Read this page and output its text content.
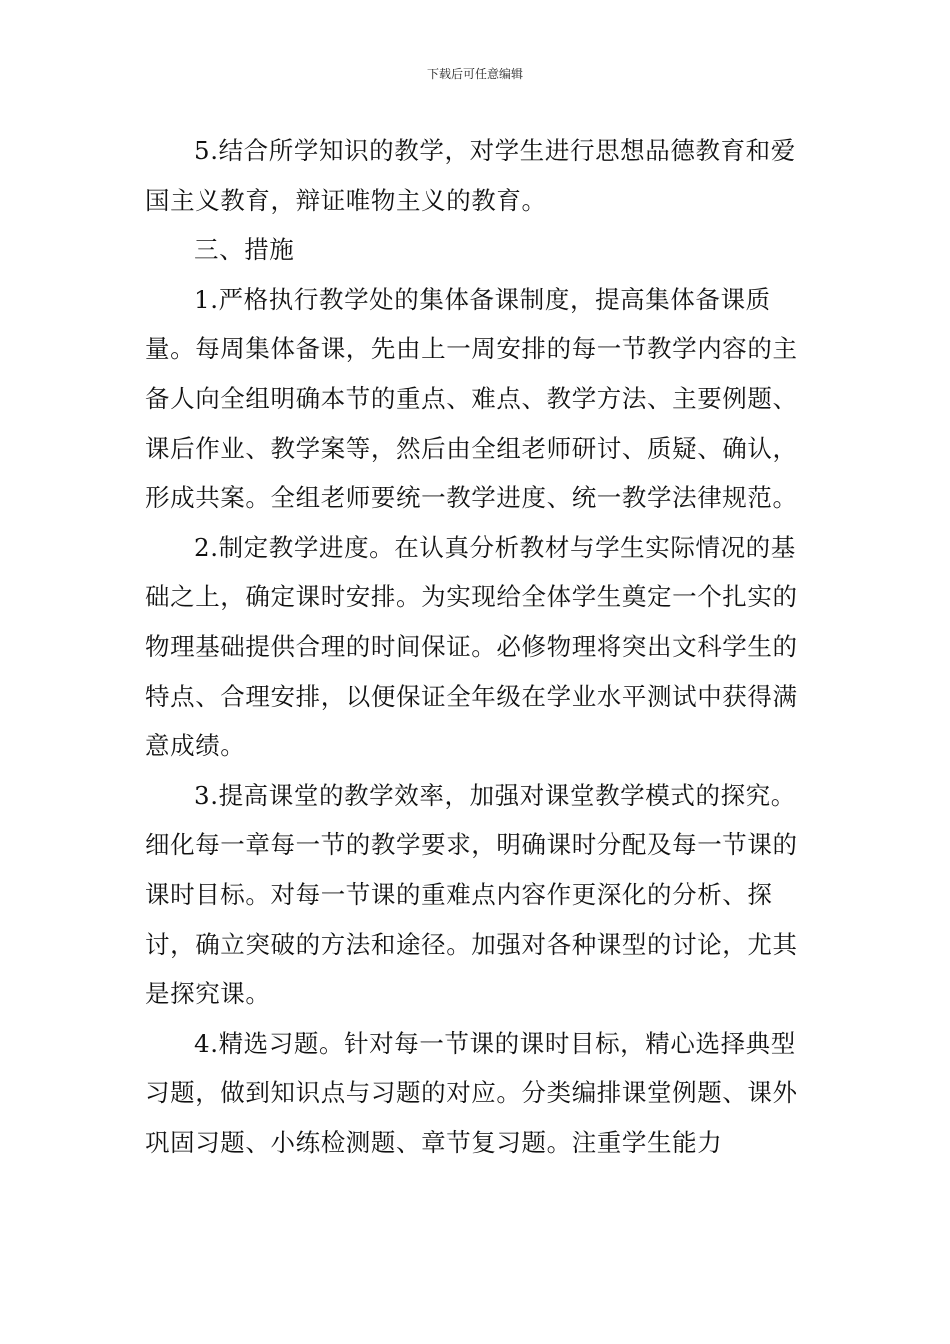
下载后可任意编辑

5.结合所学知识的教学，对学生进行思想品德教育和爱国主义教育，辩证唯物主义的教育。

三、措施

1.严格执行教学处的集体备课制度，提高集体备课质量。每周集体备课，先由上一周安排的每一节教学内容的主备人向全组明确本节的重点、难点、教学方法、主要例题、课后作业、教学案等，然后由全组老师研讨、质疑、确认，形成共案。全组老师要统一教学进度、统一教学法律规范。

2.制定教学进度。在认真分析教材与学生实际情况的基础之上，确定课时安排。为实现给全体学生奠定一个扎实的物理基础提供合理的时间保证。必修物理将突出文科学生的特点、合理安排，以便保证全年级在学业水平测试中获得满意成绩。

3.提高课堂的教学效率，加强对课堂教学模式的探究。细化每一章每一节的教学要求，明确课时分配及每一节课的课时目标。对每一节课的重难点内容作更深化的分析、探讨，确立突破的方法和途径。加强对各种课型的讨论，尤其是探究课。

4.精选习题。针对每一节课的课时目标，精心选择典型习题，做到知识点与习题的对应。分类编排课堂例题、课外巩固习题、小练检测题、章节复习题。注重学生能力
